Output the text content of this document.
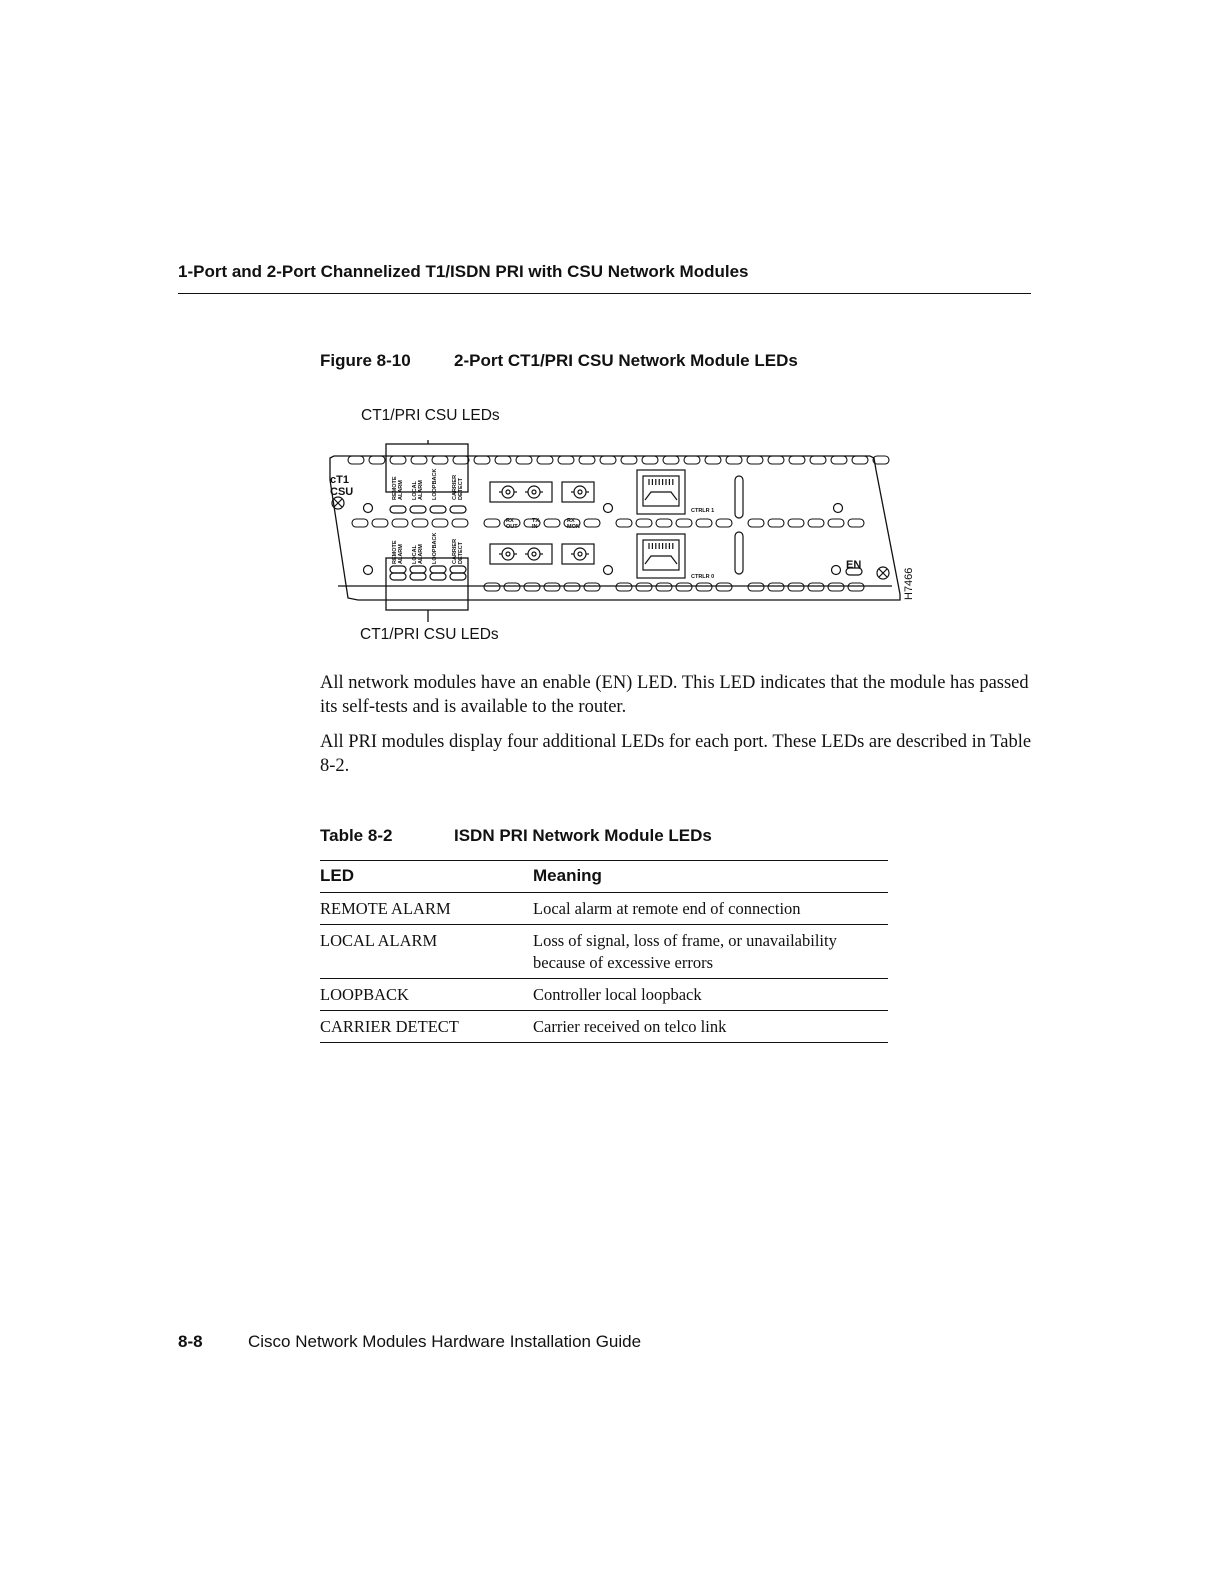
1-Port and 2-Port Channelized T1/ISDN PRI with CSU Network Modules
Figure 8-10	2-Port CT1/PRI CSU Network Module LEDs
CT1/PRI CSU LEDs
REMOTE ALARM LOCAL ALARM LOOPBACK	CARRIER DETECT
REMOTE ALARM LOCAL ALARM LOOPBACK	CARRIER DETECT
RX
OUT
TX
IN
RX
MON
CTRLR 1
CTRLR 0
EN
cT1
CSU
H7466
CT1/PRI CSU LEDs

All network modules have an enable (EN) LED. This LED indicates that the module has passed its self-tests and is available to the router.

All PRI modules display four additional LEDs for each port. These LEDs are described in Table 8-2.

Table 8-2	ISDN PRI Network Module LEDs
LED	Meaning
REMOTE ALARM	Local alarm at remote end of connection
LOCAL ALARM	Loss of signal, loss of frame, or unavailability because of excessive errors
LOOPBACK	Controller local loopback
CARRIER DETECT	Carrier received on telco link
8-8	Cisco Network Modules Hardware Installation Guide
